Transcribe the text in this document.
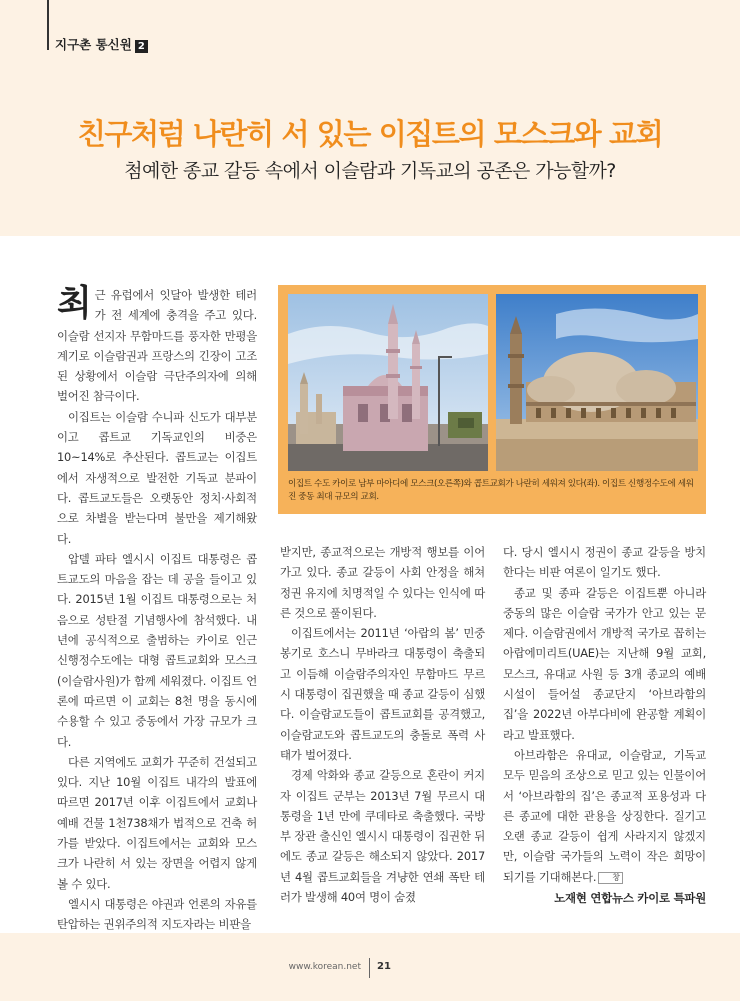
지구촌 통신원 2
친구처럼 나란히 서 있는 이집트의 모스크와 교회
첨예한 종교 갈등 속에서 이슬람과 기독교의 공존은 가능할까?

최근 유럽에서 잇달아 발생한 테러가 전 세계에 충격을 주고 있다. 이슬람 선지자 무함마드를 풍자한 만평을 계기로 이슬람권과 프랑스의 긴장이 고조된 상황에서 이슬람 극단주의자에 의해 벌어진 참극이다.

이집트는 이슬람 수니파 신도가 대부분이고 콥트교 기독교인의 비중은 10~14%로 추산된다. 콥트교는 이집트에서 자생적으로 발전한 기독교 분파이다. 콥트교도들은 오랫동안 정치·사회적으로 차별을 받는다며 불만을 제기해왔다.

압델 파타 엘시시 이집트 대통령은 콥트교도의 마음을 잡는 데 공을 들이고 있다. 2015년 1월 이집트 대통령으로는 처음으로 성탄절 기념행사에 참석했다. 내년에 공식적으로 출범하는 카이로 인근 신행정수도에는 대형 콥트교회와 모스크(이슬람사원)가 함께 세워졌다. 이집트 언론에 따르면 이 교회는 8천 명을 동시에 수용할 수 있고 중동에서 가장 규모가 크다.

다른 지역에도 교회가 꾸준히 건설되고 있다. 지난 10월 이집트 내각의 발표에 따르면 2017년 이후 이집트에서 교회나 예배 건물 1천738채가 법적으로 건축 허가를 받았다. 이집트에서는 교회와 모스크가 나란히 서 있는 장면을 어렵지 않게 볼 수 있다.

엘시시 대통령은 야권과 언론의 자유를 탄압하는 권위주의적 지도자라는 비판을

이집트 수도 카이로 남부 마아디에 모스크(오른쪽)와 콥트교회가 나란히 세워져 있다(좌). 이집트 신행정수도에 세워진 중동 최대 규모의 교회.

받지만, 종교적으로는 개방적 행보를 이어가고 있다. 종교 갈등이 사회 안정을 해쳐 정권 유지에 치명적일 수 있다는 인식에 따른 것으로 풀이된다.

이집트에서는 2011년 ‘아랍의 봄’ 민중봉기로 호스니 무바라크 대통령이 축출되고 이듬해 이슬람주의자인 무함마드 무르시 대통령이 집권했을 때 종교 갈등이 심했다. 이슬람교도들이 콥트교회를 공격했고, 이슬람교도와 콥트교도의 충돌로 폭력 사태가 벌어졌다.

경제 악화와 종교 갈등으로 혼란이 커지자 이집트 군부는 2013년 7월 무르시 대통령을 1년 만에 쿠데타로 축출했다. 국방부 장관 출신인 엘시시 대통령이 집권한 뒤에도 종교 갈등은 해소되지 않았다. 2017년 4월 콥트교회들을 겨냥한 연쇄 폭탄 테러가 발생해 40여 명이 숨졌

다. 당시 엘시시 정권이 종교 갈등을 방치한다는 비판 여론이 일기도 했다.

종교 및 종파 갈등은 이집트뿐 아니라 중동의 많은 이슬람 국가가 안고 있는 문제다. 이슬람권에서 개방적 국가로 꼽히는 아랍에미리트(UAE)는 지난해 9월 교회, 모스크, 유대교 사원 등 3개 종교의 예배 시설이 들어설 종교단지 ‘아브라함의 집’을 2022년 아부다비에 완공할 계획이라고 발표했다.

아브라함은 유대교, 이슬람교, 기독교 모두 믿음의 조상으로 믿고 있는 인물이어서 ‘아브라함의 집’은 종교적 포용성과 다른 종교에 대한 관용을 상징한다. 질기고 오랜 종교 갈등이 쉽게 사라지지 않겠지만, 이슬람 국가들의 노력이 작은 희망이 되기를 기대해본다. 창

노재현 연합뉴스 카이로 특파원
www.korean.net 21
